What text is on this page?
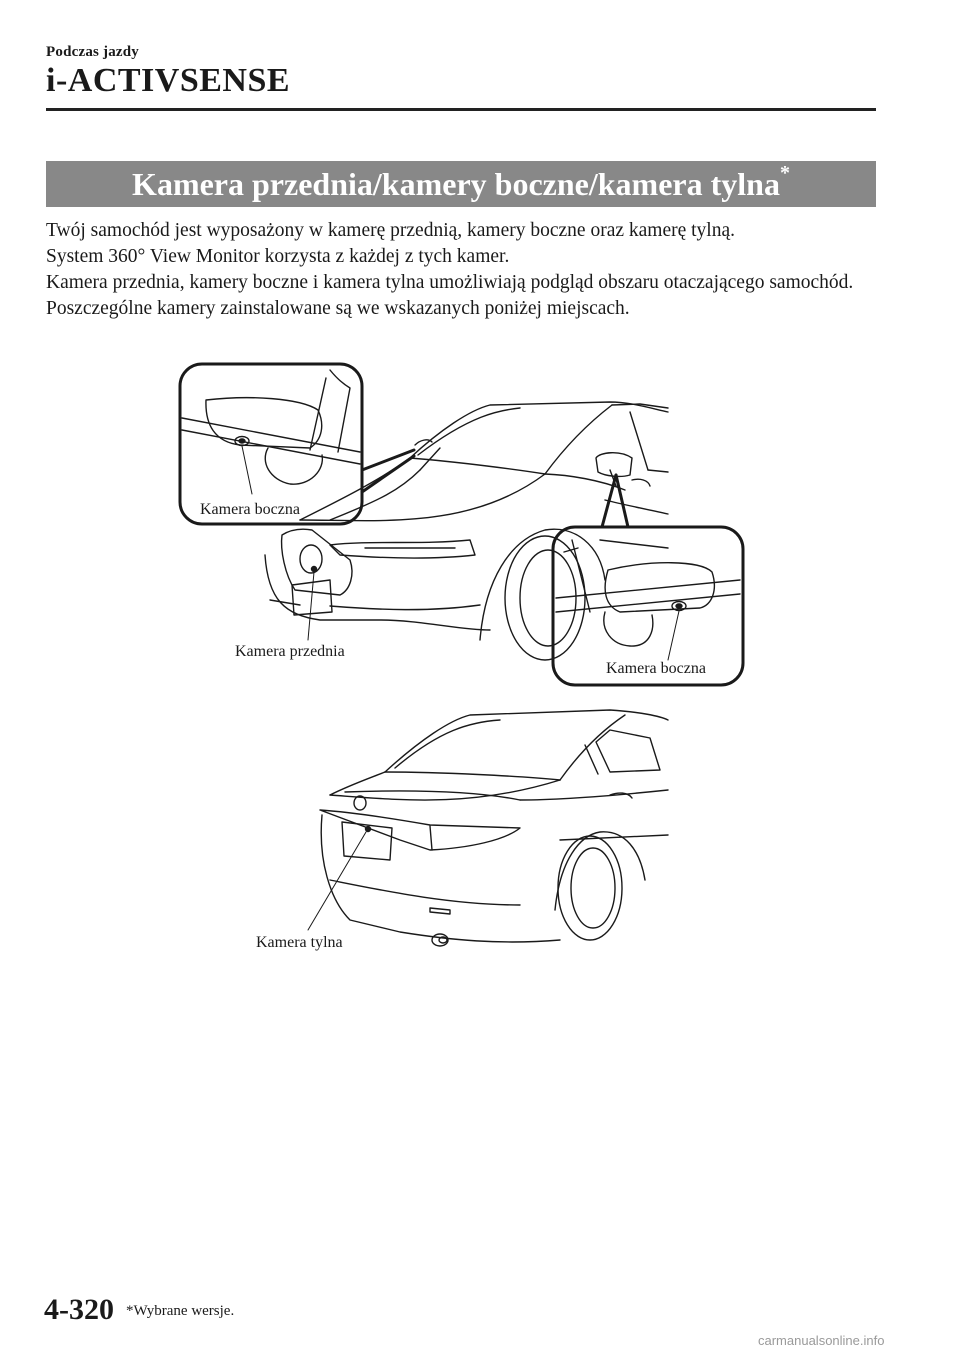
Podczas jazdy
i-ACTIVSENSE
Kamera przednia/kamery boczne/kamera tylna*

Twój samochód jest wyposażony w kamerę przednią, kamery boczne oraz kamerę tylną.

System 360° View Monitor korzysta z każdej z tych kamer.

Kamera przednia, kamery boczne i kamera tylna umożliwiają podgląd obszaru otaczającego samochód.

Poszczególne kamery zainstalowane są we wskazanych poniżej miejscach.

Kamera boczna
Kamera przednia
Kamera boczna
Kamera tylna
4-320 *Wybrane wersje.
carmanualsonline.info
